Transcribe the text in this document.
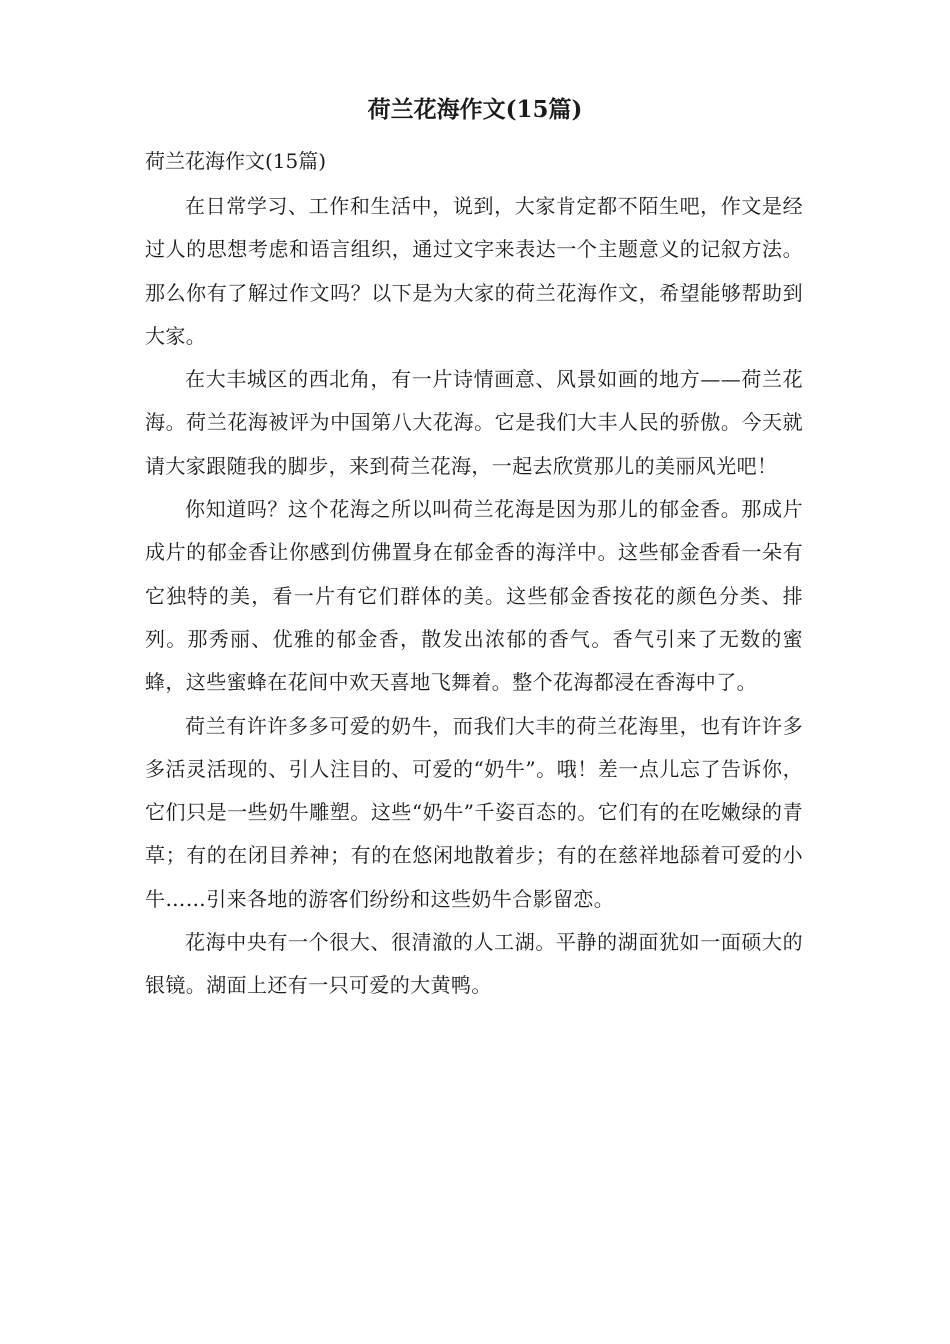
荷兰花海作文(15篇)

荷兰花海作文(15篇)

在日常学习、工作和生活中，说到，大家肯定都不陌生吧，作文是经过人的思想考虑和语言组织，通过文字来表达一个主题意义的记叙方法。那么你有了解过作文吗？以下是为大家的荷兰花海作文，希望能够帮助到大家。

在大丰城区的西北角，有一片诗情画意、风景如画的地方——荷兰花海。荷兰花海被评为中国第八大花海。它是我们大丰人民的骄傲。今天就请大家跟随我的脚步，来到荷兰花海，一起去欣赏那儿的美丽风光吧！

你知道吗？这个花海之所以叫荷兰花海是因为那儿的郁金香。那成片成片的郁金香让你感到仿佛置身在郁金香的海洋中。这些郁金香看一朵有它独特的美，看一片有它们群体的美。这些郁金香按花的颜色分类、排列。那秀丽、优雅的郁金香，散发出浓郁的香气。香气引来了无数的蜜蜂，这些蜜蜂在花间中欢天喜地飞舞着。整个花海都浸在香海中了。

荷兰有许许多多可爱的奶牛，而我们大丰的荷兰花海里，也有许许多多活灵活现的、引人注目的、可爱的“奶牛”。哦！差一点儿忘了告诉你，它们只是一些奶牛雕塑。这些“奶牛”千姿百态的。它们有的在吃嫩绿的青草；有的在闭目养神；有的在悠闲地散着步；有的在慈祥地舔着可爱的小牛……引来各地的游客们纷纷和这些奶牛合影留恋。

花海中央有一个很大、很清澈的人工湖。平静的湖面犹如一面硕大的银镜。湖面上还有一只可爱的大黄鸭。
